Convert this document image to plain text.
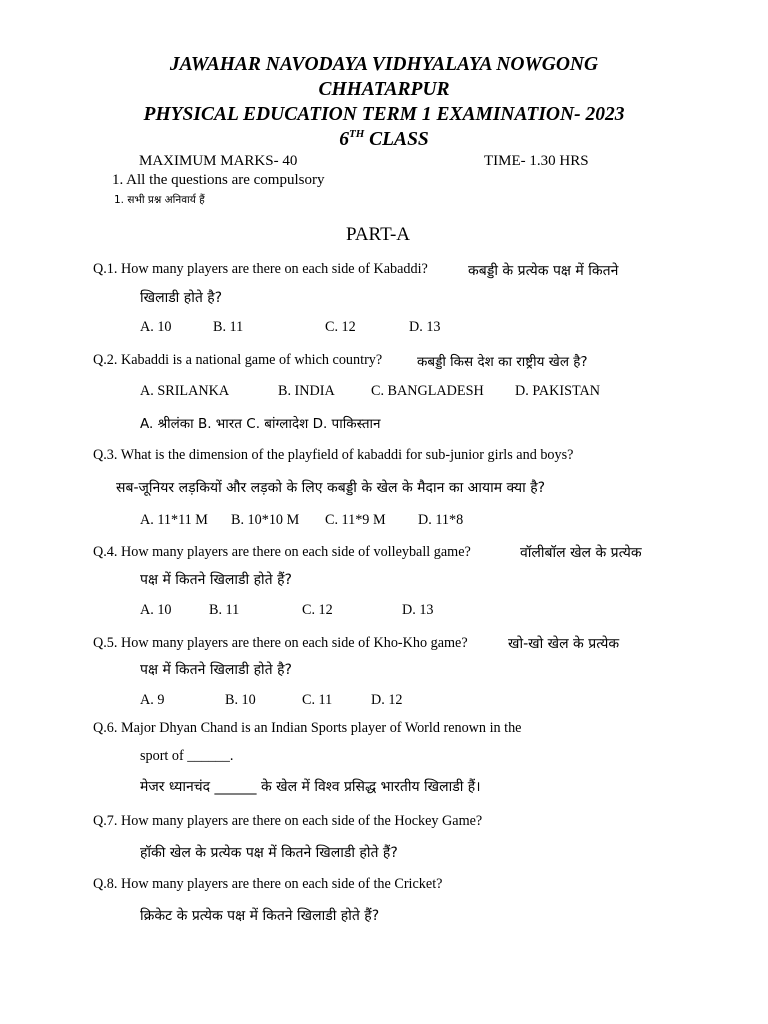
JAWAHAR NAVODAYA VIDHYALAYA NOWGONG
CHHATARPUR
PHYSICAL EDUCATION TERM 1 EXAMINATION- 2023
6TH CLASS
MAXIMUM MARKS- 40	TIME- 1.30 HRS
1. All the questions are compulsory
1. सभी प्रश्न अनिवार्य हैं
PART-A
Q.1. How many players are there on each side of Kabaddi?	कबड्डी के प्रत्येक पक्ष में कितने
खिलाडी होते है?
A. 10	B. 11	C. 12	D. 13
Q.2. Kabaddi is a national game of which country?	कबड्डी किस देश का राष्ट्रीय खेल है?
A. SRILANKA	B. INDIA	C. BANGLADESH D. PAKISTAN
A. श्रीलंका B. भारत C. बांग्लादेश D. पाकिस्तान
Q.3. What is the dimension of the playfield of kabaddi for sub-junior girls and boys?
सब-जूनियर लड़कियों और लड़को के लिए कबड्डी के खेल के मैदान का आयाम क्या है?
A. 11*11 M B. 10*10 M C. 11*9 M D. 11*8
Q.4. How many players are there on each side of volleyball game?	वॉलीबॉल खेल के प्रत्येक
पक्ष में कितने खिलाडी होते हैं?
A. 10	B. 11	C. 12	D. 13
Q.5. How many players are there on each side of Kho-Kho game?	खो-खो खेल के प्रत्येक
पक्ष में कितने खिलाडी होते है?
A. 9	B. 10	C. 11	D. 12
Q.6. Major Dhyan Chand is an Indian Sports player of World renown in the
sport of ______.
मेजर ध्यानचंद ______ के खेल में विश्व प्रसिद्ध भारतीय खिलाडी हैं।
Q.7. How many players are there on each side of the Hockey Game?
हॉकी खेल के प्रत्येक पक्ष में कितने खिलाडी होते हैं?
Q.8. How many players are there on each side of the Cricket?
क्रिकेट के प्रत्येक पक्ष में कितने खिलाडी होते हैं?
